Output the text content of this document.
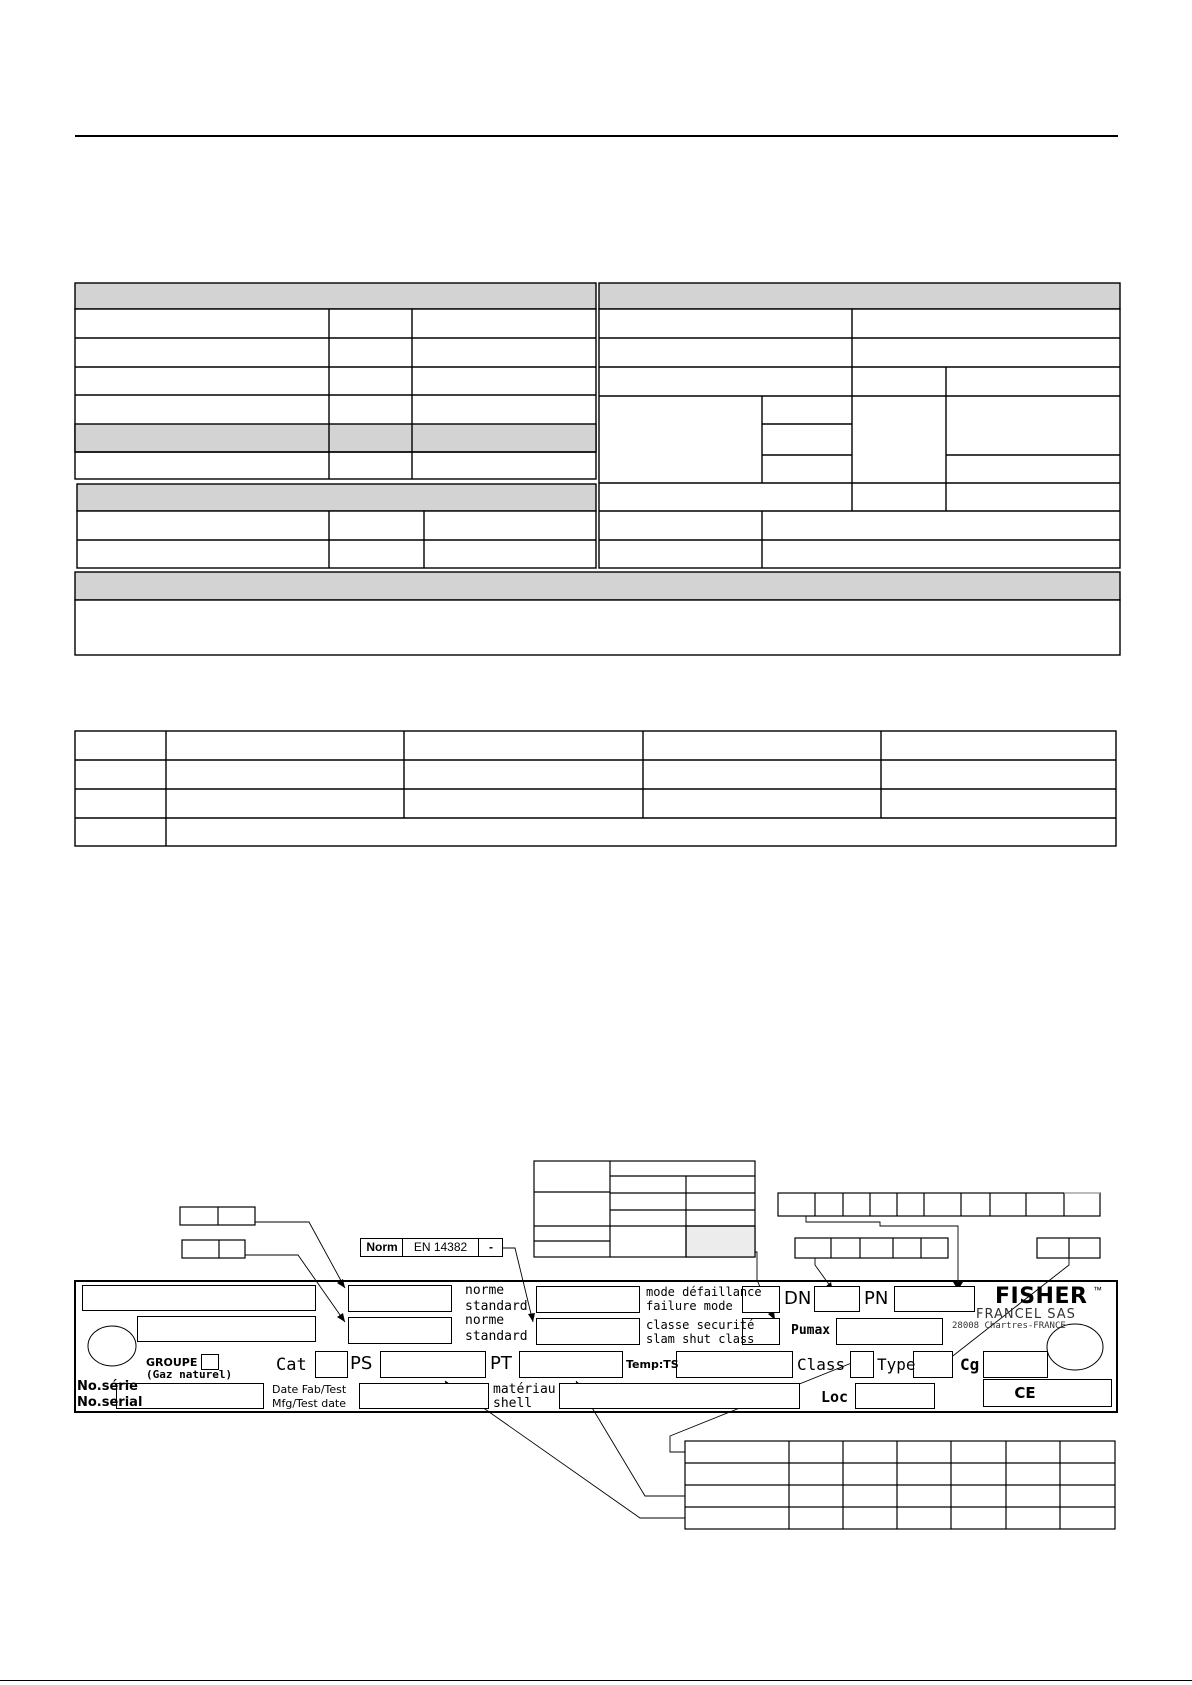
Norm	EN 14382	-
CE
norme
standard
norme
standard
mode défaillance
failure mode
classe securité
slam shut class
DN	PN
Pumax
FISHER ™
FRANCEL SAS
28008 Chartres-FRANCE
GROUPE
(Gaz naturel)	Cat PS	PT	Temp:TS	Class Type	Cg
No.série
No.serial
Date Fab/Test
Mfg/Test date
matériau
shell	Loc
